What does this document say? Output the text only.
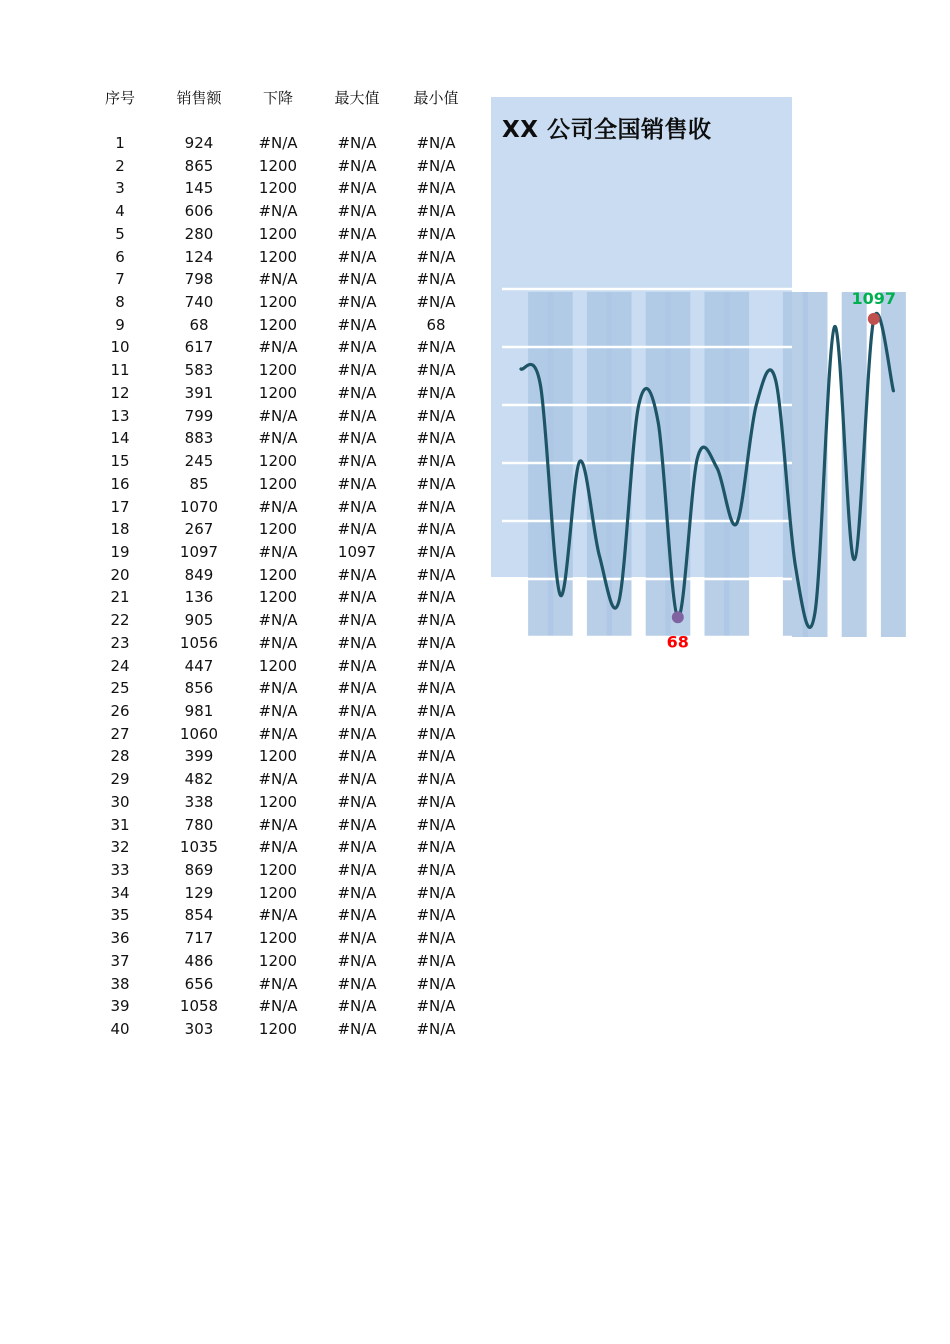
序号	销售额	下降	最大值	最小值
1	924	#N/A	#N/A	#N/A
2	865	1200	#N/A	#N/A
3	145	1200	#N/A	#N/A
4	606	#N/A	#N/A	#N/A
5	280	1200	#N/A	#N/A
6	124	1200	#N/A	#N/A
7	798	#N/A	#N/A	#N/A
8	740	1200	#N/A	#N/A
9	68	1200	#N/A	68
10	617	#N/A	#N/A	#N/A
11	583	1200	#N/A	#N/A
12	391	1200	#N/A	#N/A
13	799	#N/A	#N/A	#N/A
14	883	#N/A	#N/A	#N/A
15	245	1200	#N/A	#N/A
16	85	1200	#N/A	#N/A
17	1070	#N/A	#N/A	#N/A
18	267	1200	#N/A	#N/A
19	1097	#N/A	1097	#N/A
20	849	1200	#N/A	#N/A
21	136	1200	#N/A	#N/A
22	905	#N/A	#N/A	#N/A
23	1056	#N/A	#N/A	#N/A
24	447	1200	#N/A	#N/A
25	856	#N/A	#N/A	#N/A
26	981	#N/A	#N/A	#N/A
27	1060	#N/A	#N/A	#N/A
28	399	1200	#N/A	#N/A
29	482	#N/A	#N/A	#N/A
30	338	1200	#N/A	#N/A
31	780	#N/A	#N/A	#N/A
32	1035	#N/A	#N/A	#N/A
33	869	1200	#N/A	#N/A
34	129	1200	#N/A	#N/A
35	854	#N/A	#N/A	#N/A
36	717	1200	#N/A	#N/A
37	486	1200	#N/A	#N/A
38	656	#N/A	#N/A	#N/A
39	1058	#N/A	#N/A	#N/A
40	303	1200	#N/A	#N/A
XX 公司全国销售收
1097
68
